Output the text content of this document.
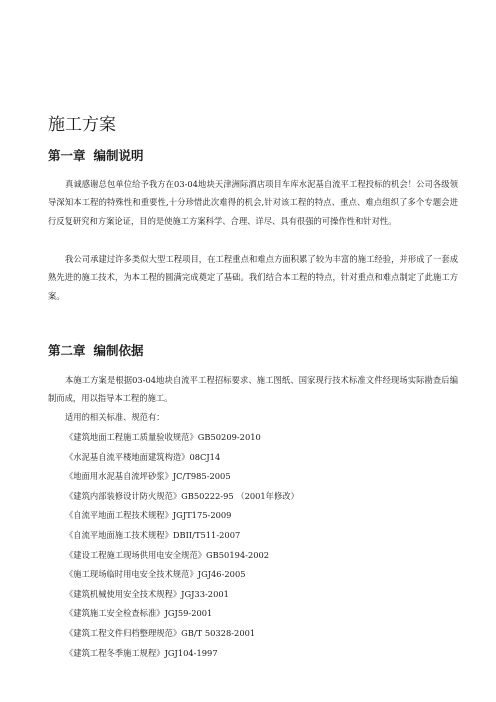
施工方案
第一章 编制说明

真诚感谢总包单位给予我方在03-04地块天津洲际酒店项目车库水泥基自流平工程投标的机会！公司各级领导深知本工程的特殊性和重要性,十分珍惜此次难得的机会,针对该工程的特点、重点、难点组织了多个专题会进行反复研究和方案论证，目的是使施工方案科学、合理、详尽、具有很强的可操作性和针对性。

我公司承建过许多类似大型工程项目，在工程重点和难点方面积累了较为丰富的施工经验，并形成了一套成熟先进的施工技术，为本工程的圆满完成奠定了基础。我们结合本工程的特点，针对重点和难点制定了此施工方案。

第二章 编制依据

本施工方案是根据03-04地块自流平工程招标要求、施工图纸、国家现行技术标准文件经现场实际勘查后编制而成，用以指导本工程的施工。

适用的相关标准、规范有：

《建筑地面工程施工质量验收规范》GB50209-2010
《水泥基自流平楼地面建筑构造》08CJ14
《地面用水泥基自流坪砂浆》JC/T985-2005
《建筑内部装修设计防火规范》GB50222-95 （2001年修改）
《自流平地面工程技术规程》JGJT175-2009
《自流平地面施工技术规程》DBII/T511-2007
《建设工程施工现场供用电安全规范》GB50194-2002
《施工现场临时用电安全技术规范》JGJ46-2005
《建筑机械使用安全技术规程》JGJ33-2001
《建筑施工安全检查标准》JGJ59-2001
《建筑工程文件归档整理规范》GB/T 50328-2001
《建筑工程冬季施工规程》JGJ104-1997
